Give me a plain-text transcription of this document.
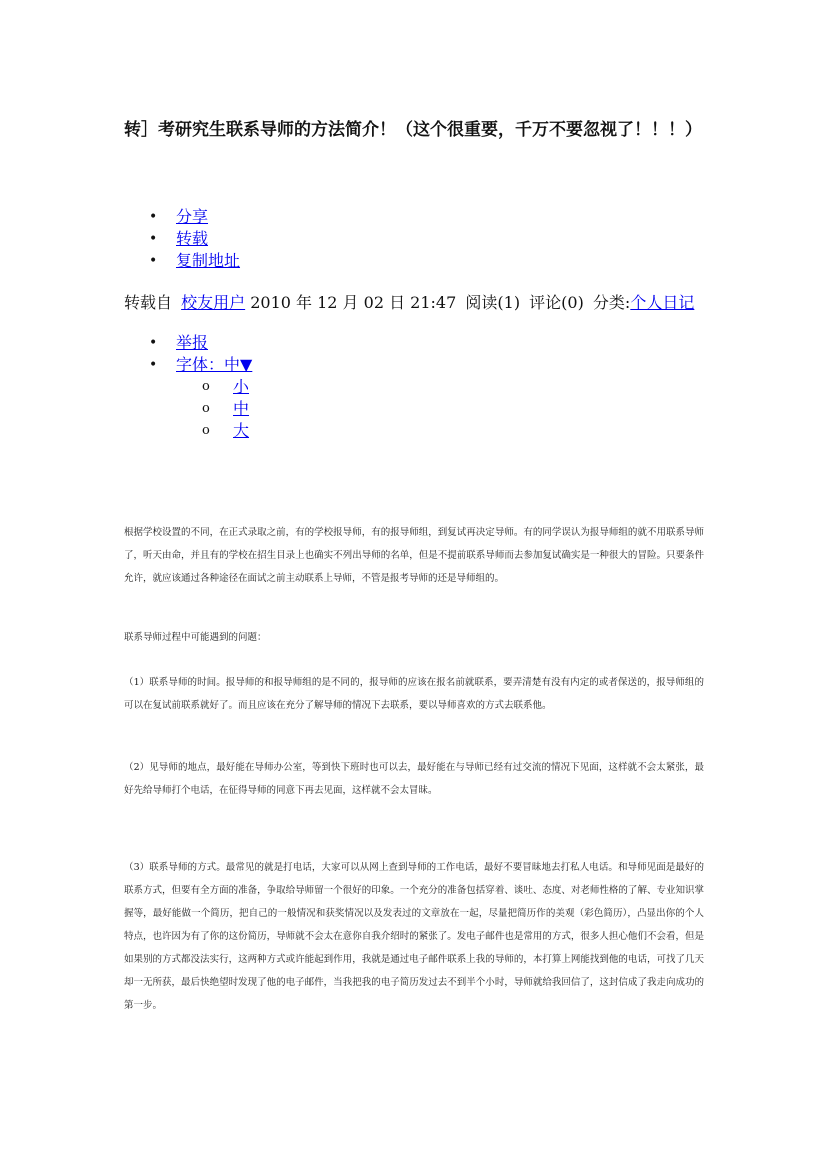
转］考研究生联系导师的方法简介！（这个很重要，千万不要忽视了！！！）
• 分享
• 转载
• 复制地址
转载自 校友用户 2010 年 12 月 02 日 21:47 阅读(1) 评论(0) 分类:个人日记
• 举报
• 字体：中▼
o 小
o 中
o 大

根据学校设置的不同，在正式录取之前，有的学校报导师，有的报导师组，到复试再决定导师。有的同学误认为报导师组的就不用联系导师了，听天由命，并且有的学校在招生目录上也确实不列出导师的名单，但是不提前联系导师而去参加复试确实是一种很大的冒险。只要条件允许，就应该通过各种途径在面试之前主动联系上导师，不管是报考导师的还是导师组的。

联系导师过程中可能遇到的问题：

（1）联系导师的时间。报导师的和报导师组的是不同的，报导师的应该在报名前就联系，要弄清楚有没有内定的或者保送的，报导师组的可以在复试前联系就好了。而且应该在充分了解导师的情况下去联系，要以导师喜欢的方式去联系他。

（2）见导师的地点，最好能在导师办公室，等到快下班时也可以去，最好能在与导师已经有过交流的情况下见面，这样就不会太紧张，最好先给导师打个电话，在征得导师的同意下再去见面，这样就不会太冒昧。

（3）联系导师的方式。最常见的就是打电话，大家可以从网上查到导师的工作电话，最好不要冒昧地去打私人电话。和导师见面是最好的联系方式，但要有全方面的准备，争取给导师留一个很好的印象。一个充分的准备包括穿着、谈吐、态度、对老师性格的了解、专业知识掌握等，最好能做一个简历，把自己的一般情况和获奖情况以及发表过的文章放在一起，尽量把简历作的美观（彩色简历），凸显出你的个人特点，也许因为有了你的这份简历，导师就不会太在意你自我介绍时的紧张了。发电子邮件也是常用的方式，很多人担心他们不会看，但是如果别的方式都没法实行，这两种方式或许能起到作用，我就是通过电子邮件联系上我的导师的，本打算上网能找到他的电话，可找了几天却一无所获，最后快绝望时发现了他的电子邮件，当我把我的电子简历发过去不到半个小时，导师就给我回信了，这封信成了我走向成功的第一步。
